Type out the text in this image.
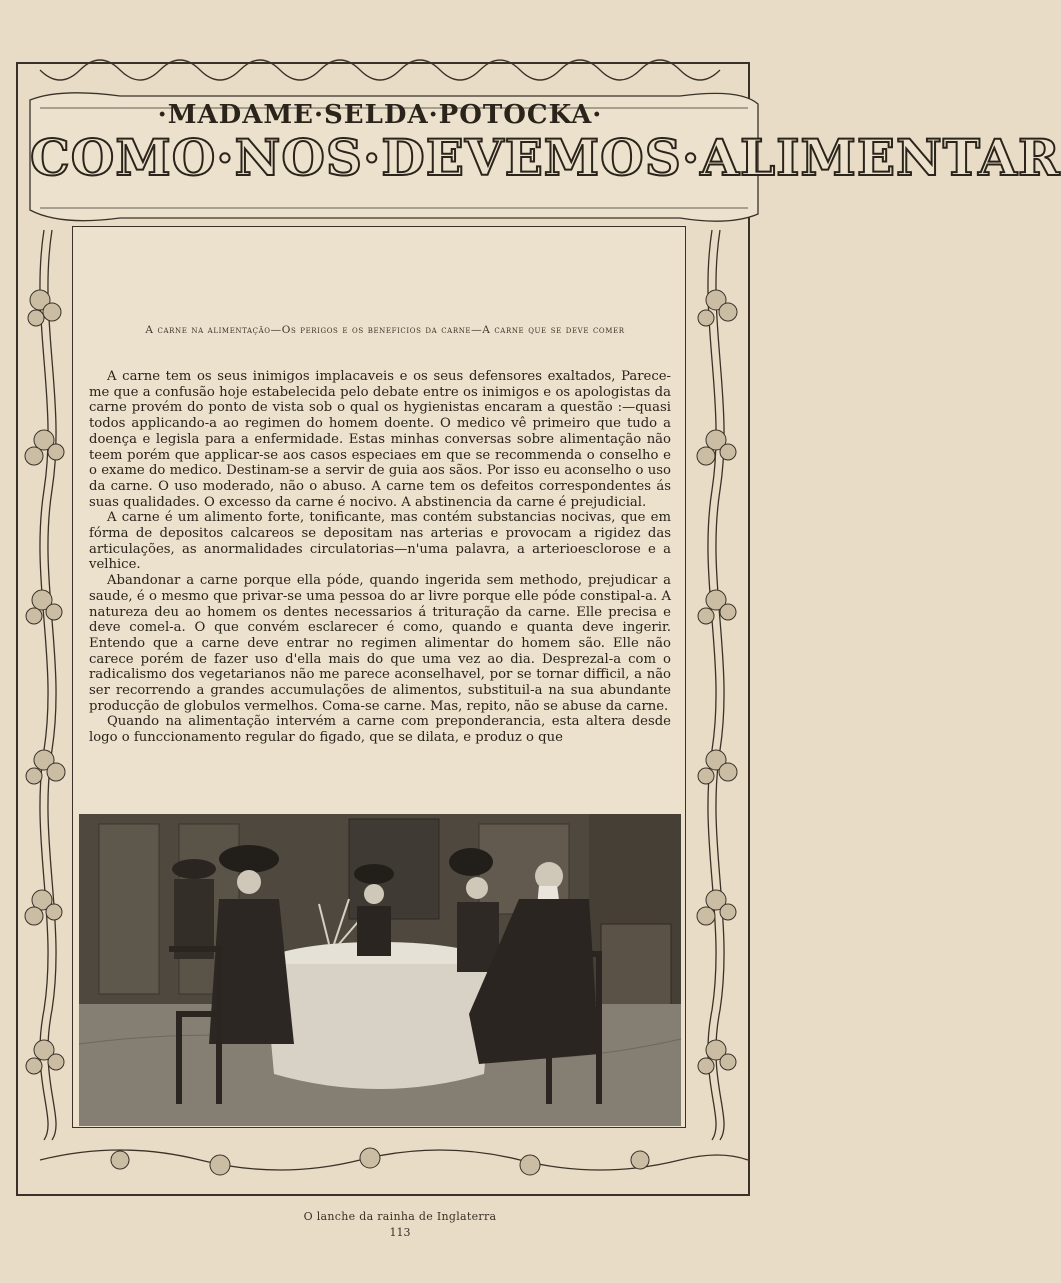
·MADAME·SELDA·POTOCKA·
COMO·NOS·DEVEMOS·ALIMENTAR
A carne na alimentação—Os perigos e os beneficios da carne—A carne que se deve comer

A carne tem os seus inimigos implacaveis e os seus defensores exaltados, Parece-me que a confusão hoje estabelecida pelo debate entre os inimigos e os apologistas da carne provém do ponto de vista sob o qual os hygienistas encaram a questão :—quasi todos applicando-a ao regimen do homem doente. O medico vê primeiro que tudo a doença e legisla para a enfermidade. Estas minhas conversas sobre alimentação não teem porém que applicar-se aos casos especiaes em que se recommenda o conselho e o exame do medico. Destinam-se a servir de guia aos sãos. Por isso eu aconselho o uso da carne. O uso moderado, não o abuso. A carne tem os defeitos correspondentes ás suas qualidades. O excesso da carne é nocivo. A abstinencia da carne é prejudicial.

A carne é um alimento forte, tonificante, mas contém substancias nocivas, que em fórma de depositos calcareos se depositam nas arterias e provocam a rigidez das articulações, as anormalidades circulatorias—n'uma palavra, a arterioesclorose e a velhice.

Abandonar a carne porque ella póde, quando ingerida sem methodo, prejudicar a saude, é o mesmo que privar-se uma pessoa do ar livre porque elle póde constipal-a. A natureza deu ao homem os dentes necessarios á trituração da carne. Elle precisa e deve comel-a. O que convém esclarecer é como, quando e quanta deve ingerir. Entendo que a carne deve entrar no regimen alimentar do homem são. Elle não carece porém de fazer uso d'ella mais do que uma vez ao dia. Desprezal-a com o radicalismo dos vegetarianos não me parece aconselhavel, por se tornar difficil, a não ser recorrendo a grandes accumulações de alimentos, substituil-a na sua abundante producção de globulos vermelhos. Coma-se carne. Mas, repito, não se abuse da carne.

Quando na alimentação intervém a carne com preponderancia, esta altera desde logo o funccionamento regular do figado, que se dilata, e produz o que

O lanche da rainha de Inglaterra
113
